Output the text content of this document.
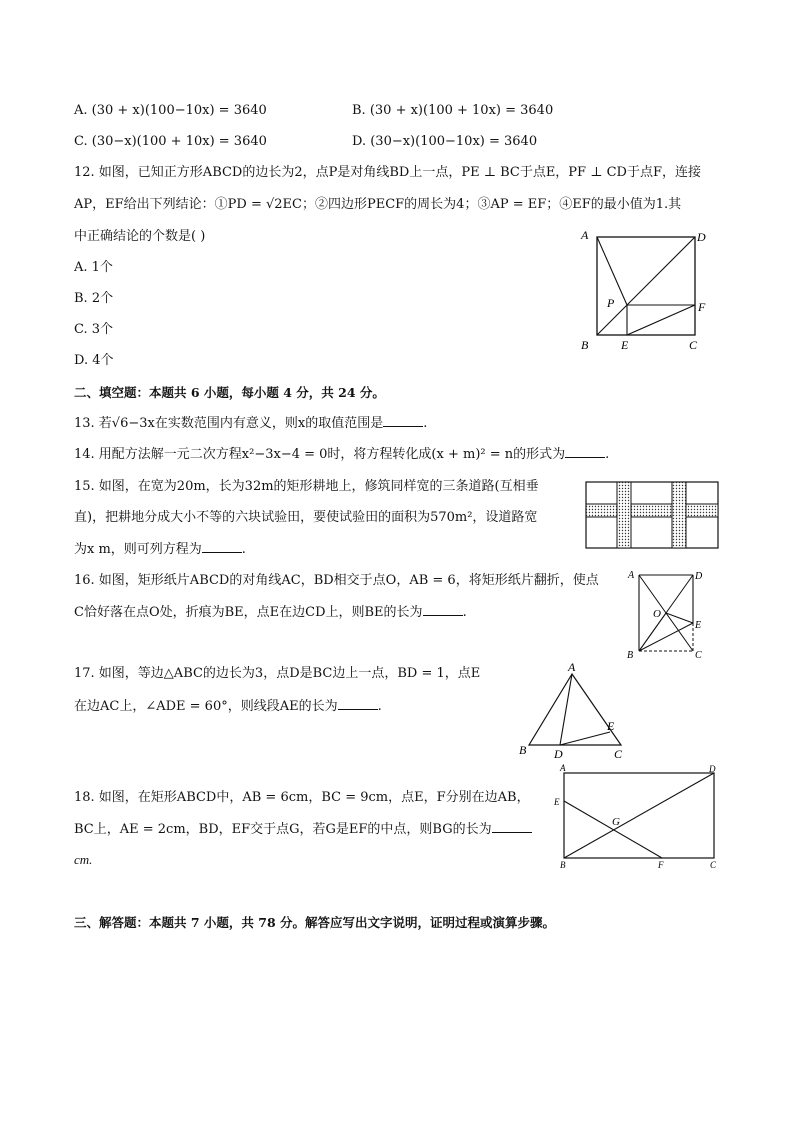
A. (30 + x)(100−10x) = 3640	B. (30 + x)(100 + 10x) = 3640
C. (30−x)(100 + 10x) = 3640	D. (30−x)(100−10x) = 3640
12. 如图，已知正方形ABCD的边长为2，点P是对角线BD上一点，PE ⊥ BC于点E，PF ⊥ CD于点F，连接
AP，EF给出下列结论：①PD = √2EC；②四边形PECF的周长为4；③AP = EF；④EF的最小值为1.其
中正确结论的个数是( )
A. 1个
B. 2个
C. 3个
D. 4个
A	D
B	C
P
E
F
二、填空题：本题共 6 小题，每小题 4 分，共 24 分。
13. 若√6−3x在实数范围内有意义，则x的取值范围是	.
14. 用配方法解一元二次方程x²−3x−4 = 0时，将方程转化成(x + m)² = n的形式为	.
15. 如图，在宽为20m，长为32m的矩形耕地上，修筑同样宽的三条道路(互相垂
直)，把耕地分成大小不等的六块试验田，要使试验田的面积为570m²，设道路宽
为x m，则可列方程为	.
16. 如图，矩形纸片ABCD的对角线AC，BD相交于点O，AB = 6，将矩形纸片翻折，使点
C恰好落在点O处，折痕为BE，点E在边CD上，则BE的长为	.
A	D
B	C
O
E
17. 如图，等边△ABC的边长为3，点D是BC边上一点，BD = 1，点E
在边AC上，∠ADE = 60°，则线段AE的长为	.
A
B	C
D
E
18. 如图，在矩形ABCD中，AB = 6cm，BC = 9cm，点E，F分别在边AB，
BC上，AE = 2cm，BD，EF交于点G，若G是EF的中点，则BG的长为
cm.
A	D
E
B	F	C
G
三、解答题：本题共 7 小题，共 78 分。解答应写出文字说明，证明过程或演算步骤。
